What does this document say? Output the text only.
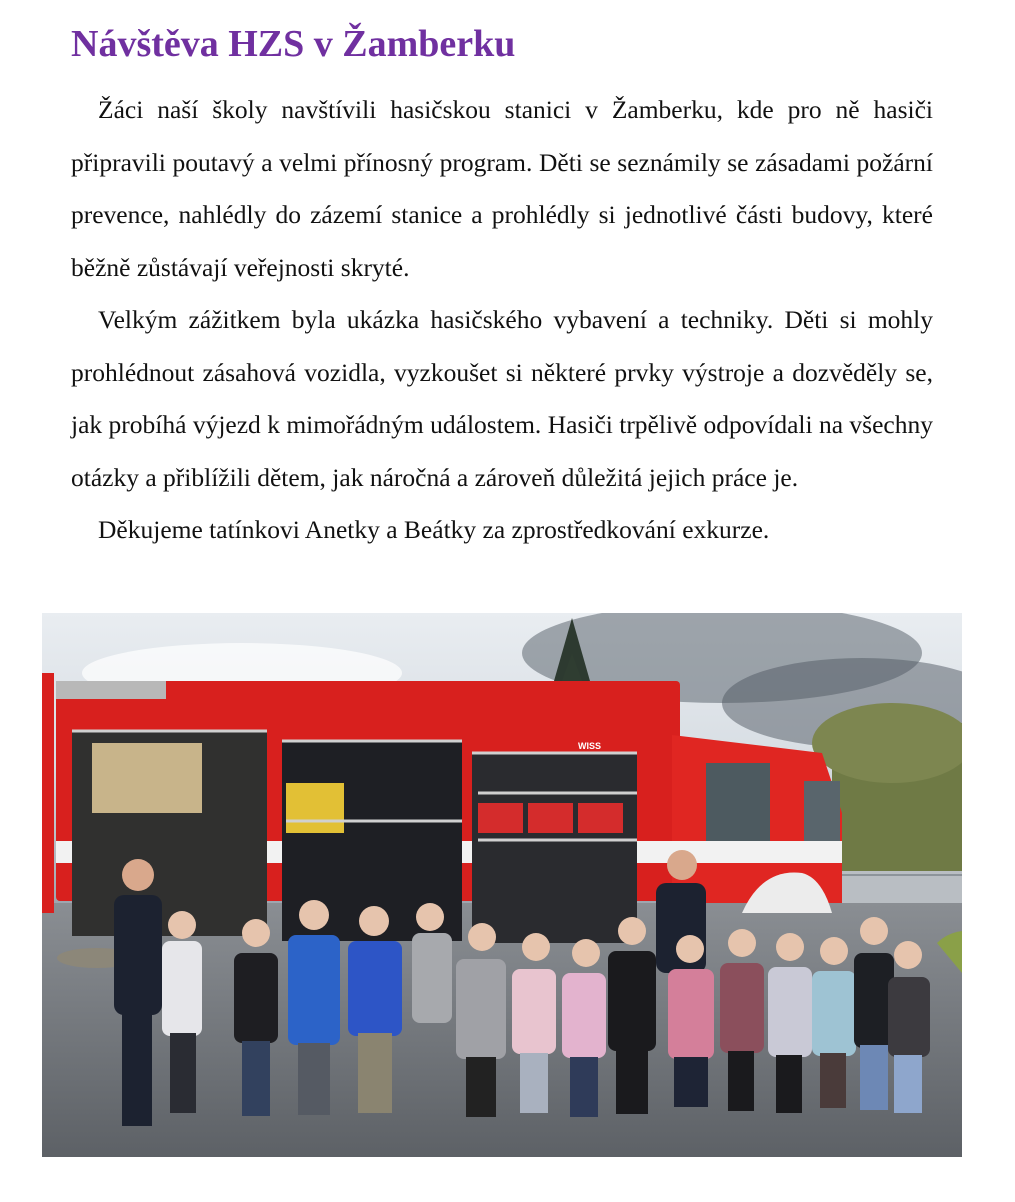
Návštěva HZS v Žamberku

Žáci naší školy navštívili hasičskou stanici v Žamberku, kde pro ně hasiči připravili poutavý a velmi přínosný program. Děti se seznámily se zásadami požární prevence, nahlédly do zázemí stanice a prohlédly si jednotlivé části budovy, které běžně zůstávají veřejnosti skryté.

Velkým zážitkem byla ukázka hasičského vybavení a techniky. Děti si mohly prohlédnout zásahová vozidla, vyzkoušet si některé prvky výstroje a dozvěděly se, jak probíhá výjezd k mimořádným událostem. Hasiči trpělivě odpovídali na všechny otázky a přiblížili dětem, jak náročná a zároveň důležitá jejich práce je.

Děkujeme tatínkovi Anetky a Beátky za zprostředkování exkurze.

WISS
